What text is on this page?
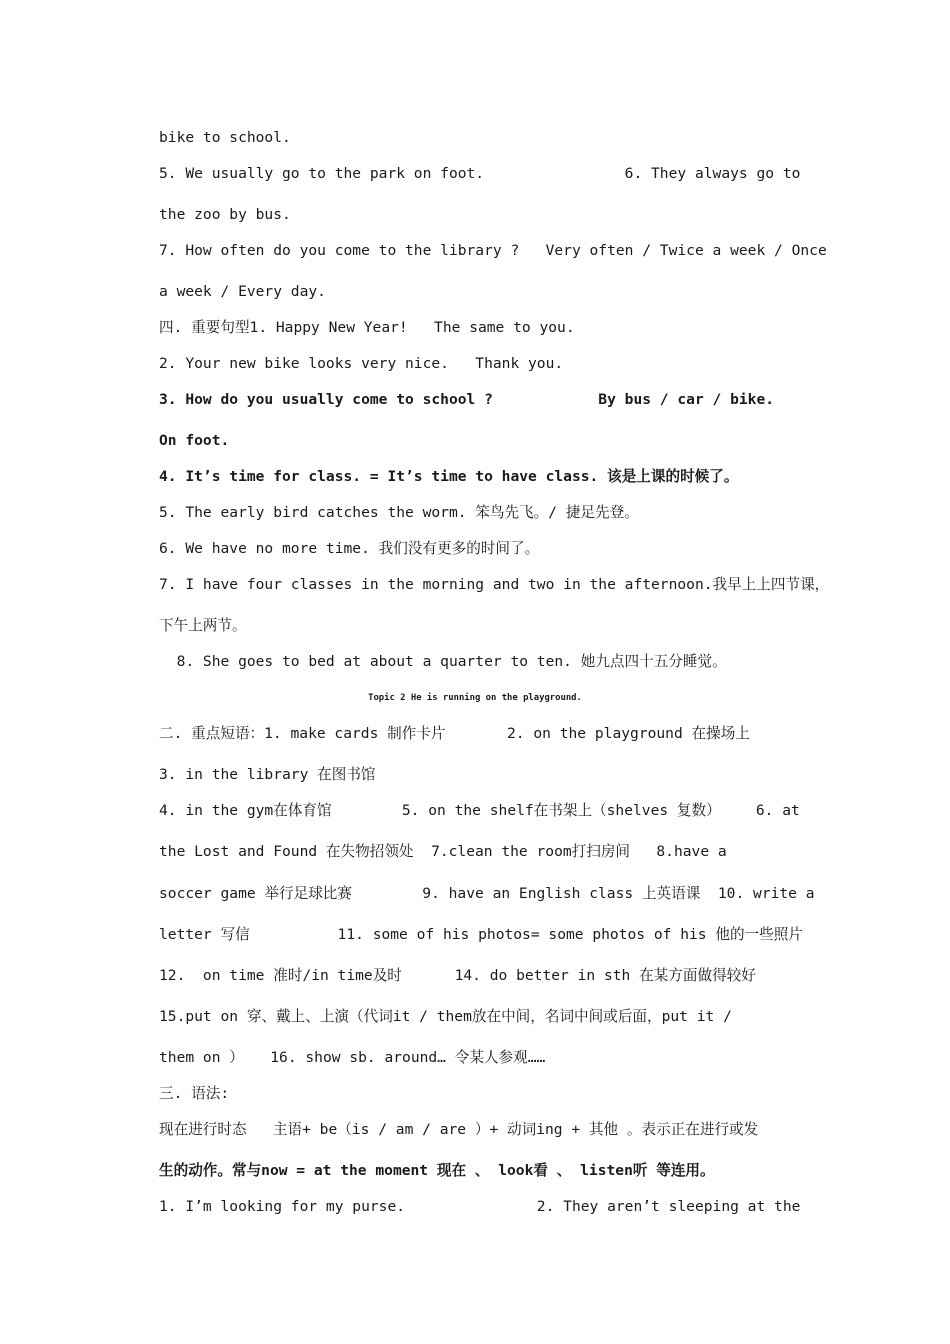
bike to school.
5. We usually go to the park on foot.                6. They always go to
the zoo by bus.
7. How often do you come to the library ?   Very often / Twice a week / Once
a week / Every day.
四. 重要句型1. Happy New Year!   The same to you.
2. Your new bike looks very nice.   Thank you.
3. How do you usually come to school ?            By bus / car / bike.
On foot.
4. It’s time for class. = It’s time to have class. 该是上课的时候了。
5. The early bird catches the worm. 笨鸟先飞。/ 捷足先登。
6. We have no more time. 我们没有更多的时间了。
7. I have four classes in the morning and two in the afternoon.我早上上四节课，
下午上两节。
8. She goes to bed at about a quarter to ten. 她九点四十五分睡觉。
Topic 2 He is running on the playground.
二. 重点短语：1. make cards 制作卡片       2. on the playground 在操场上
3. in the library 在图书馆
4. in the gym在体育馆        5. on the shelf在书架上（shelves 复数）    6. at
the Lost and Found 在失物招领处  7.clean the room打扫房间   8.have a
soccer game 举行足球比赛        9. have an English class 上英语课  10. write a
letter 写信          11. some of his photos= some photos of his 他的一些照片
12.  on time 准时/in time及时      14. do better in sth 在某方面做得较好
15.put on 穿、戴上、上演（代词it / them放在中间，名词中间或后面，put it /
them on ）   16. show sb. around… 令某人参观……
三. 语法:
现在进行时态   主语+ be（is / am / are ）+ 动词ing + 其他 。表示正在进行或发
生的动作。常与now = at the moment 现在 、 look看 、 listen听 等连用。
1. I’m looking for my purse.               2. They aren’t sleeping at the
